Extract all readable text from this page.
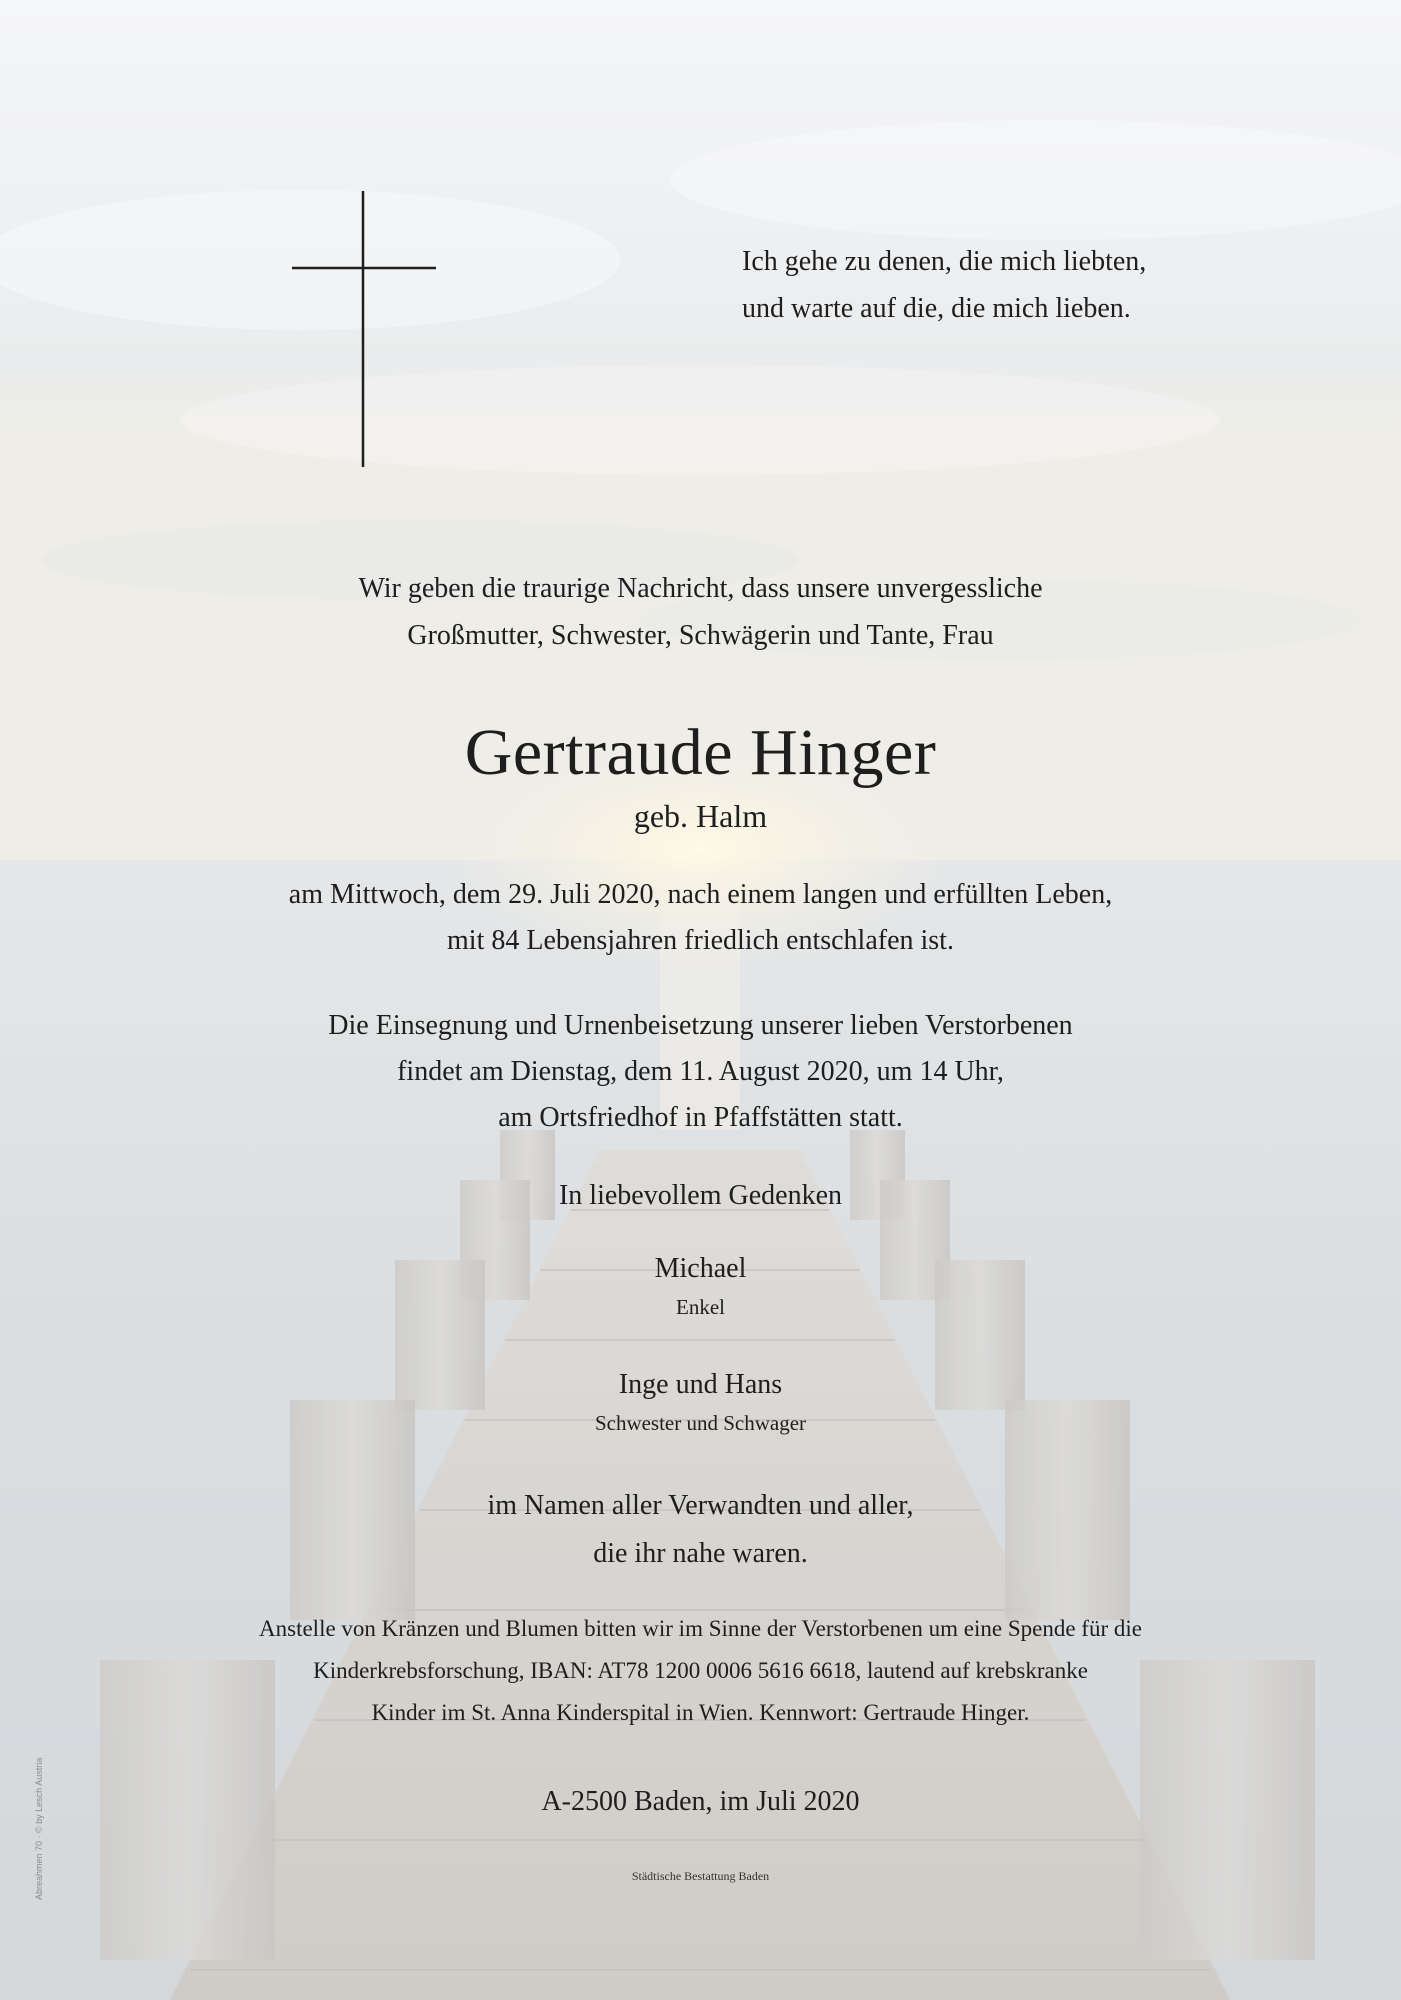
Ich gehe zu denen, die mich liebten,
und warte auf die, die mich lieben.
Wir geben die traurige Nachricht, dass unsere unvergessliche
Großmutter, Schwester, Schwägerin und Tante, Frau
Gertraude Hinger
geb. Halm
am Mittwoch, dem 29. Juli 2020, nach einem langen und erfüllten Leben,
mit 84 Lebensjahren friedlich entschlafen ist.
Die Einsegnung und Urnenbeisetzung unserer lieben Verstorbenen
findet am Dienstag, dem 11. August 2020, um 14 Uhr,
am Ortsfriedhof in Pfaffstätten statt.
In liebevollem Gedenken
Michael
Enkel
Inge und Hans
Schwester und Schwager
im Namen aller Verwandten und aller,
die ihr nahe waren.
Anstelle von Kränzen und Blumen bitten wir im Sinne der Verstorbenen um eine Spende für die
Kinderkrebsforschung, IBAN: AT78 1200 0006 5616 6618, lautend auf krebskranke
Kinder im St. Anna Kinderspital in Wien. Kennwort: Gertraude Hinger.
A-2500 Baden, im Juli 2020
Städtische Bestattung Baden
Abreahmen 70 · © by Lesch Austria
